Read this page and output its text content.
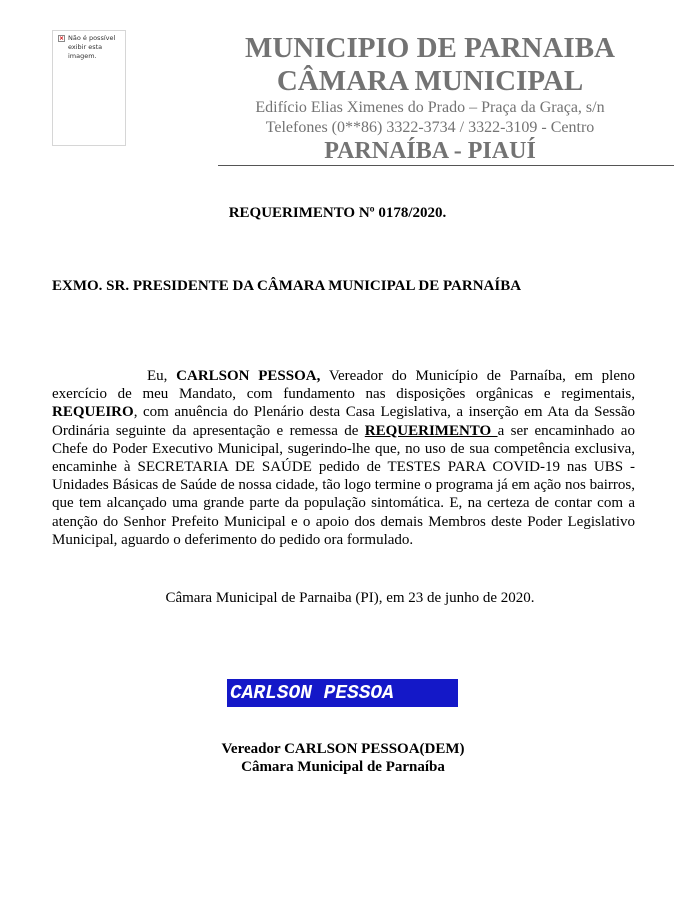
× Não é possível exibir esta imagem.	MUNICIPIO DE PARNAIBA
CÂMARA MUNICIPAL
Edifício Elias Ximenes do Prado – Praça da Graça, s/n
Telefones (0**86) 3322-3734 / 3322-3109 - Centro
PARNAÍBA - PIAUÍ
REQUERIMENTO Nº 0178/2020.
EXMO. SR. PRESIDENTE DA CÂMARA MUNICIPAL DE PARNAÍBA
Eu, CARLSON PESSOA, Vereador do Município de Parnaíba, em pleno exercício de meu Mandato, com fundamento nas disposições orgânicas e regimentais, REQUEIRO, com anuência do Plenário desta Casa Legislativa, a inserção em Ata da Sessão Ordinária seguinte da apresentação e remessa de REQUERIMENTO a ser encaminhado ao Chefe do Poder Executivo Municipal, sugerindo-lhe que, no uso de sua competência exclusiva, encaminhe à SECRETARIA DE SAÚDE pedido de TESTES PARA COVID-19 nas UBS - Unidades Básicas de Saúde de nossa cidade, tão logo termine o programa já em ação nos bairros, que tem alcançado uma grande parte da população sintomática. E, na certeza de contar com a atenção do Senhor Prefeito Municipal e o apoio dos demais Membros deste Poder Legislativo Municipal, aguardo o deferimento do pedido ora formulado.
Câmara Municipal de Parnaiba (PI), em 23 de junho de 2020.
CARLSON PESSOA
Vereador CARLSON PESSOA(DEM)
Câmara Municipal de Parnaíba
